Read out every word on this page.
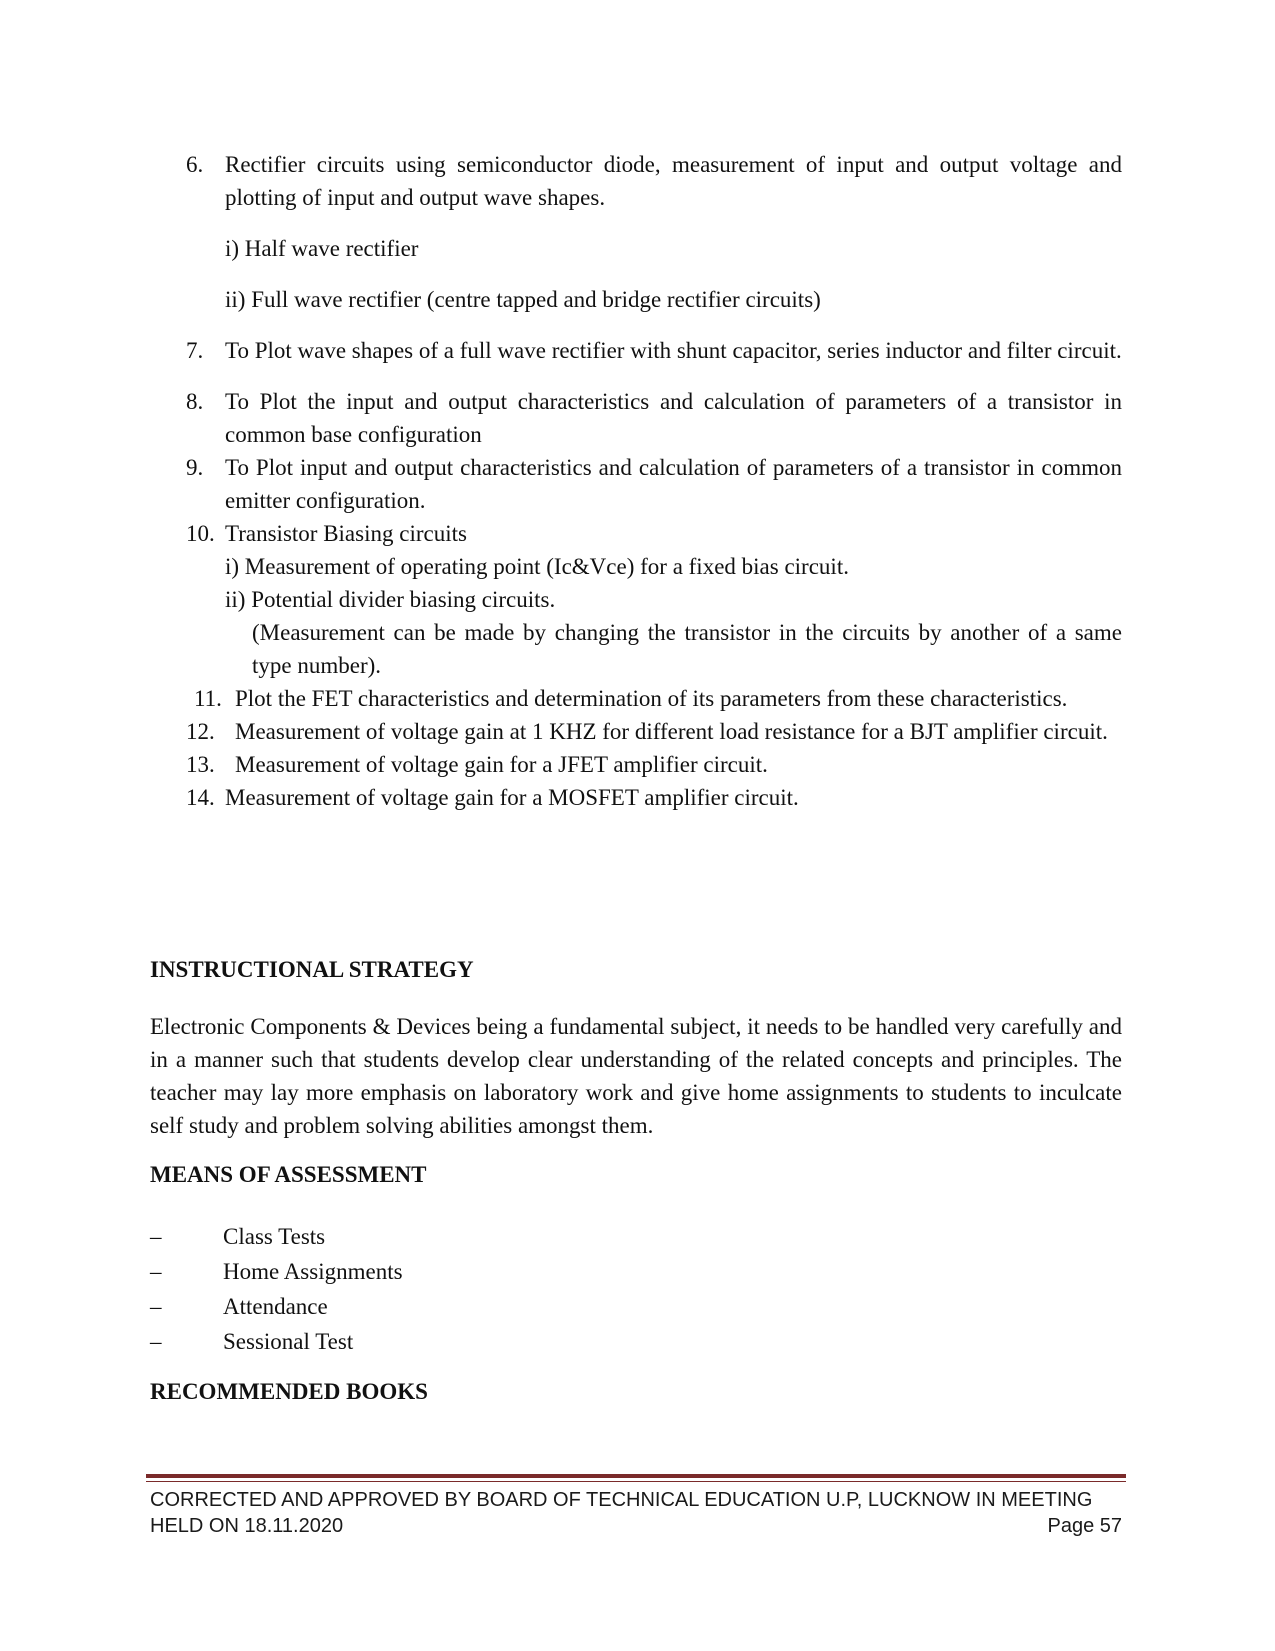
6. Rectifier circuits using semiconductor diode, measurement of input and output voltage and plotting of input and output wave shapes.
i) Half wave rectifier
ii) Full wave rectifier (centre tapped and bridge rectifier circuits)
7. To Plot wave shapes of a full wave rectifier with shunt capacitor, series inductor and filter circuit.
8. To Plot the input and output characteristics and calculation of parameters of a transistor in common base configuration
9. To Plot input and output characteristics and calculation of parameters of a transistor in common emitter configuration.
10. Transistor Biasing circuits
i) Measurement of operating point (Ic&Vce) for a fixed bias circuit.
ii) Potential divider biasing circuits.
(Measurement can be made by changing the transistor in the circuits by another of a same type number).
11. Plot the FET characteristics and determination of its parameters from these characteristics.
12. Measurement of voltage gain at 1 KHZ for different load resistance for a BJT amplifier circuit.
13. Measurement of voltage gain for a JFET amplifier circuit.
14. Measurement of voltage gain for a MOSFET amplifier circuit.
INSTRUCTIONAL STRATEGY
Electronic Components & Devices being a fundamental subject, it needs to be handled very carefully and in a manner such that students develop clear understanding of the related concepts and principles. The teacher may lay more emphasis on laboratory work and give home assignments to students to inculcate self study and problem solving abilities amongst them.
MEANS OF ASSESSMENT
–	Class Tests
–	Home Assignments
–	Attendance
–	Sessional Test
RECOMMENDED BOOKS
CORRECTED AND APPROVED BY BOARD OF TECHNICAL EDUCATION U.P, LUCKNOW IN MEETING
HELD ON 18.11.2020	Page 57
